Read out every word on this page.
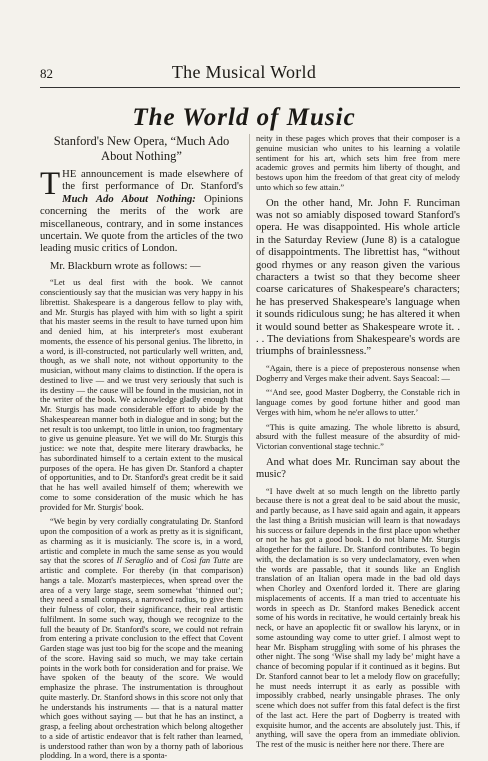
82	The Musical World
The World of Music

Stanford's New Opera, “Much Ado About Nothing”

THE announcement is made elsewhere of the first performance of Dr. Stanford's Much Ado About Nothing: Opinions concerning the merits of the work are miscellaneous, contrary, and in some instances uncertain. We quote from the articles of the two leading music critics of London.

Mr. Blackburn wrote as follows: —

“Let us deal first with the book. We cannot conscientiously say that the musician was very happy in his librettist. Shakespeare is a dangerous fellow to play with, and Mr. Sturgis has played with him with so light a spirit that his master seems in the result to have turned upon him and denied him, at his interpreter's most exuberant moments, the essence of his personal genius. The libretto, in a word, is ill-constructed, not particularly well written, and, though, as we shall note, not without opportunity to the musician, without many claims to distinction. If the opera is destined to live — and we trust very seriously that such is its destiny — the cause will be found in the musician, not in the writer of the book. We acknowledge gladly enough that Mr. Sturgis has made considerable effort to abide by the Shakespearean manner both in dialogue and in song; but the net result is too unkempt, too little in union, too fragmentary to give us genuine pleasure. Yet we will do Mr. Sturgis this justice: we note that, despite mere literary drawbacks, he has subordinated himself to a certain extent to the musical purposes of the opera. He has given Dr. Stanford a chapter of opportunities, and to Dr. Stanford's great credit be it said that he has well availed himself of them; wherewith we come to some consideration of the music which he has provided for Mr. Sturgis' book.

“We begin by very cordially congratulating Dr. Stanford upon the composition of a work as pretty as it is significant, as charming as it is musicianly. The score is, in a word, artistic and complete in much the same sense as you would say that the scores of Il Seraglio and of Così fan Tutte are artistic and complete. For thereby (in that comparison) hangs a tale. Mozart's masterpieces, when spread over the area of a very large stage, seem somewhat ‘thinned out’; they need a small compass, a narrowed radius, to give them their fulness of color, their significance, their real artistic fulfilment. In some such way, though we recognize to the full the beauty of Dr. Stanford's score, we could not refrain from entering a private conclusion to the effect that Covent Garden stage was just too big for the scope and the meaning of the score. Having said so much, we may take certain points in the work both for consideration and for praise. We have spoken of the beauty of the score. We would emphasize the phrase. The instrumentation is throughout quite masterly. Dr. Stanford shows in this score not only that he understands his instruments — that is a natural matter which goes without saying — but that he has an instinct, a grasp, a feeling about orchestration which belong altogether to a side of artistic endeavor that is felt rather than learned, is understood rather than won by a thorny path of laborious plodding. In a word, there is a sponta-

neity in these pages which proves that their composer is a genuine musician who unites to his learning a volatile sentiment for his art, which sets him free from mere academic groves and permits him liberty of thought, and bestows upon him the freedom of that great city of melody unto which so few attain.”

On the other hand, Mr. John F. Runciman was not so amiably disposed toward Stanford's opera. He was disappointed. His whole article in the Saturday Review (June 8) is a catalogue of disappointments. The librettist has, “without good rhymes or any reason given the various characters a twist so that they become sheer coarse caricatures of Shakespeare's characters; he has preserved Shakespeare's language when it sounds ridiculous sung; he has altered it when it would sound better as Shakespeare wrote it. . . . The deviations from Shakespeare's words are triumphs of brainlessness.”

“Again, there is a piece of preposterous nonsense when Dogberry and Verges make their advent. Says Seacoal: —

“‘And see, good Master Dogberry, the Constable rich in language comes by good fortune hither and good man Verges with him, whom he ne'er allows to utter.’

“This is quite amazing. The whole libretto is absurd, absurd with the fullest measure of the absurdity of mid-Victorian conventional stage technic.”

And what does Mr. Runciman say about the music?

“I have dwelt at so much length on the libretto partly because there is not a great deal to be said about the music, and partly because, as I have said again and again, it appears the last thing a British musician will learn is that nowadays his success or failure depends in the first place upon whether or not he has got a good book. I do not blame Mr. Sturgis altogether for the failure. Dr. Stanford contributes. To begin with, the declamation is so very undeclamatory, even when the words are passable, that it sounds like an English translation of an Italian opera made in the bad old days when Chorley and Oxenford lorded it. There are glaring misplacements of accents. If a man tried to accentuate his words in speech as Dr. Stanford makes Benedick accent some of his words in recitative, he would certainly break his neck, or have an apoplectic fit or swallow his larynx, or in some astounding way come to utter grief. I almost wept to hear Mr. Bispham struggling with some of his phrases the other night. The song ‘Wise shall my lady be’ might have a chance of becoming popular if it continued as it begins. But Dr. Stanford cannot bear to let a melody flow on gracefully; he must needs interrupt it as early as possible with impossibly crabbed, nearly unsingable phrases. The only scene which does not suffer from this fatal defect is the first of the last act. Here the part of Dogberry is treated with exquisite humor, and the accents are absolutely just. This, if anything, will save the opera from an immediate oblivion. The rest of the music is neither here nor there. There are
